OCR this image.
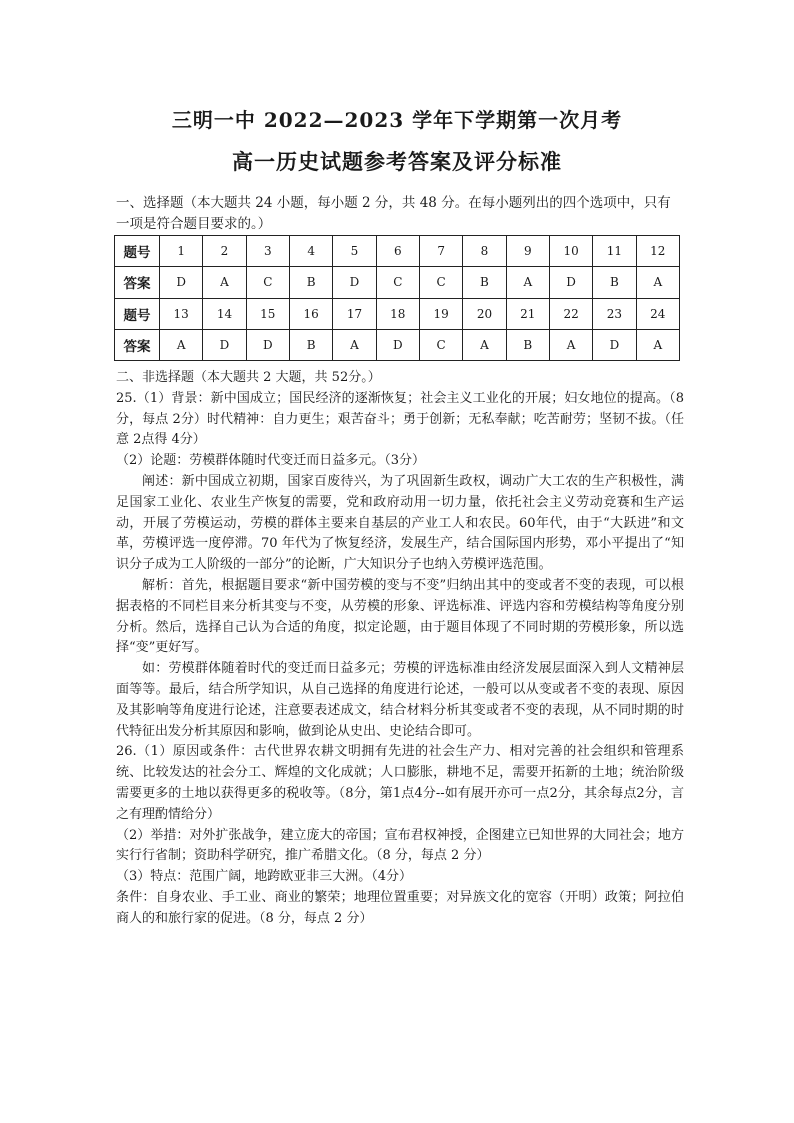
三明一中 2022—2023 学年下学期第一次月考
高一历史试题参考答案及评分标准
一、选择题（本大题共 24 小题，每小题 2 分，共 48 分。在每小题列出的四个选项中，只有一项是符合题目要求的。）
题号	1	2	3	4	5	6	7	8	9	10	11	12
答案	D	A	C	B	D	C	C	B	A	D	B	A
题号	13	14	15	16	17	18	19	20	21	22	23	24
答案	A	D	D	B	A	D	C	A	B	A	D	A

二、非选择题（本大题共 2 大题，共 52分。）

25.（1）背景：新中国成立；国民经济的逐渐恢复；社会主义工业化的开展；妇女地位的提高。（8分，每点 2分）时代精神：自力更生；艰苦奋斗；勇于创新；无私奉献；吃苦耐劳；坚韧不拔。（任意 2点得 4分）

（2）论题：劳模群体随时代变迁而日益多元。（3分）

阐述：新中国成立初期，国家百废待兴，为了巩固新生政权，调动广大工农的生产积极性，满足国家工业化、农业生产恢复的需要，党和政府动用一切力量，依托社会主义劳动竞赛和生产运动，开展了劳模运动，劳模的群体主要来自基层的产业工人和农民。60年代，由于“大跃进”和文革，劳模评选一度停滞。70 年代为了恢复经济，发展生产，结合国际国内形势，邓小平提出了“知识分子成为工人阶级的一部分”的论断，广大知识分子也纳入劳模评选范围。

解析：首先，根据题目要求“新中国劳模的变与不变”归纳出其中的变或者不变的表现，可以根据表格的不同栏目来分析其变与不变，从劳模的形象、评选标准、评选内容和劳模结构等角度分别分析。然后，选择自己认为合适的角度，拟定论题，由于题目体现了不同时期的劳模形象，所以选择“变”更好写。

如：劳模群体随着时代的变迁而日益多元；劳模的评选标准由经济发展层面深入到人文精神层面等等。最后，结合所学知识，从自己选择的角度进行论述，一般可以从变或者不变的表现、原因及其影响等角度进行论述，注意要表述成文，结合材料分析其变或者不变的表现，从不同时期的时代特征出发分析其原因和影响，做到论从史出、史论结合即可。

26.（1）原因或条件：古代世界农耕文明拥有先进的社会生产力、相对完善的社会组织和管理系统、比较发达的社会分工、辉煌的文化成就；人口膨胀，耕地不足，需要开拓新的土地；统治阶级需要更多的土地以获得更多的税收等。（8分，第1点4分--如有展开亦可一点2分，其余每点2分，言之有理酌情给分）

（2）举措：对外扩张战争，建立庞大的帝国；宣布君权神授，企图建立已知世界的大同社会；地方实行行省制；资助科学研究，推广希腊文化。（8 分，每点 2 分）

（3）特点：范围广阔，地跨欧亚非三大洲。（4分）

条件：自身农业、手工业、商业的繁荣；地理位置重要；对异族文化的宽容（开明）政策；阿拉伯商人的和旅行家的促进。（8 分，每点 2 分）
